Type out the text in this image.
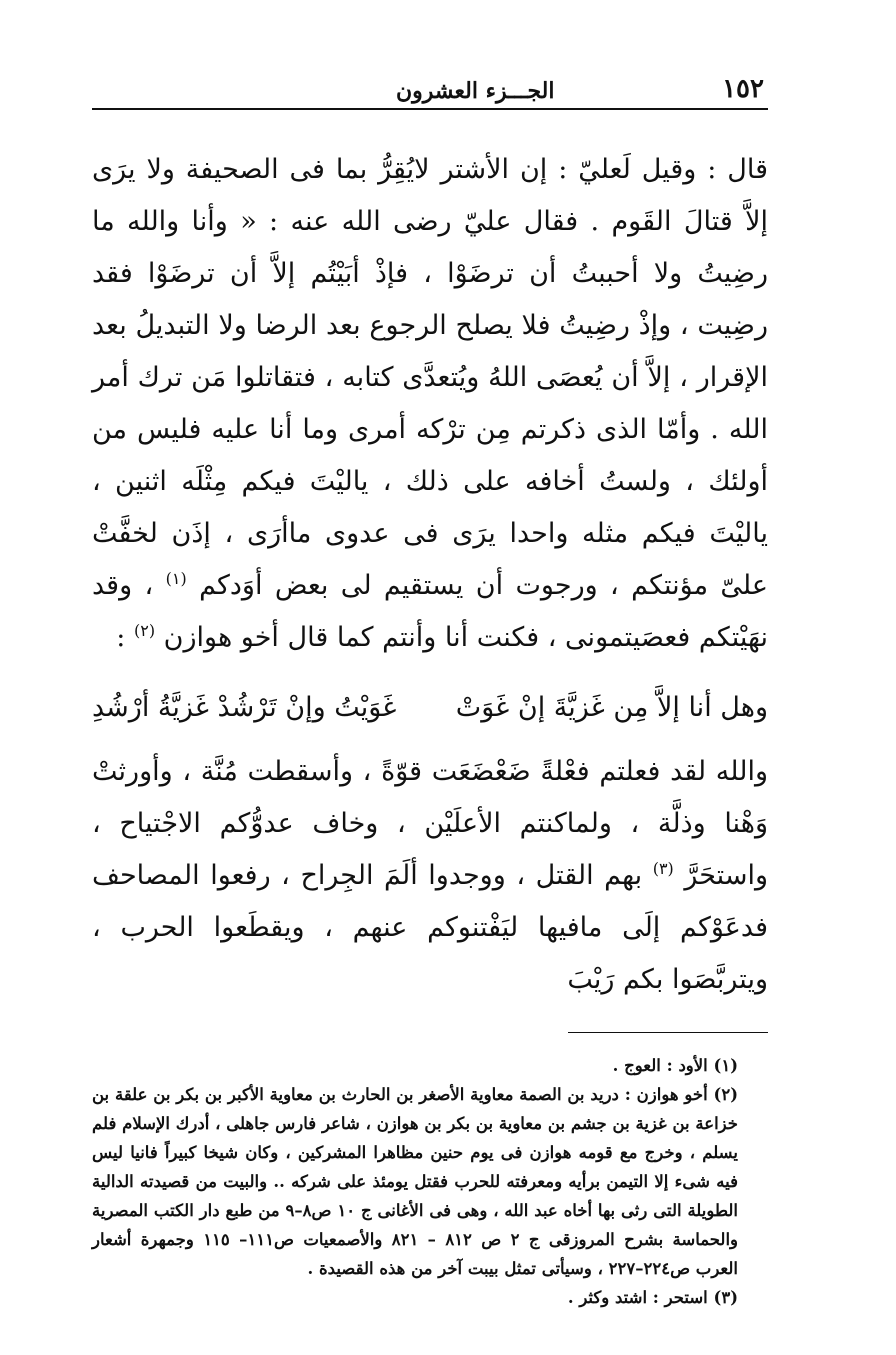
١٥٢
الجـــزء العشرون

قال : وقيل لَعليّ : إن الأشتر لايُقِرُّ بما فى الصحيفة ولا يرَى إلاَّ قتالَ القَوم . فقال عليّ رضى الله عنه : « وأنا والله ما رضِيتُ ولا أحببتُ أن ترضَوْا ، فإذْ أبَيْتُم إلاَّ أن ترضَوْا فقد رضِيت ، وإذْ رضِيتُ فلا يصلح الرجوع بعد الرضا ولا التبديلُ بعد الإقرار ، إلاَّ أن يُعصَى اللهُ ويُتعدَّى كتابه ، فتقاتلوا مَن ترك أمر الله . وأمّا الذى ذكرتم مِن ترْكه أمرى وما أنا عليه فليس من أولئك ، ولستُ أخافه على ذلك ، ياليْتَ فيكم مِثْلَه اثنين ، ياليْتَ فيكم مثله واحدا يرَى فى عدوى ماأرَى ، إذَن لخفَّتْ علىّ مؤنتكم ، ورجوت أن يستقيم لى بعض أوَدكم $^{(١)}$ ، وقد نهَيْتكم فعصَيتمونى ، فكنت أنا وأنتم كما قال أخو هوازن $^{(٢)}$ :

وهل أنا إلاَّ مِن غَزيَّةَ إنْ غَوَتْ
غَوَيْتُ وإنْ تَرْشُدْ غَزيَّةُ أرْشُدِ

والله لقد فعلتم فعْلةً ضَعْضَعَت قوّةً ، وأسقطت مُنَّة ، وأورثتْ وَهْنا وذلَّة ، ولماكنتم الأعلَيْن ، وخاف عدوُّكم الاجْتياح ، واستحَرَّ $^{(٣)}$ بهم القتل ، ووجدوا ألَمَ الجِراح ، رفعوا المصاحف فدعَوْكم إلَى مافيها ليَفْتنوكم عنهم ، ويقطَعوا الحرب ، ويتربَّصَوا بكم رَيْبَ

(١) الأود : العوج .

(٢) أخو هوازن : دريد بن الصمة معاوية الأصغر بن الحارث بن معاوية الأكبر بن بكر بن علقة بن خزاعة بن غزية بن جشم بن معاوية بن بكر بن هوازن ، شاعر فارس جاهلى ، أدرك الإسلام فلم يسلم ، وخرج مع قومه هوازن فى يوم حنين مظاهرا المشركين ، وكان شيخا كبيراً فانيا ليس فيه شىء إلا التيمن برأيه ومعرفته للحرب فقتل يومئذ على شركه .. والبيت من قصيدته الدالية الطويلة التى رثى بها أخاه عبد الله ، وهى فى الأغانى ج ١٠ ص٨–٩ من طبع دار الكتب المصرية والحماسة بشرح المروزقى ج ٢ ص ٨١٢ – ٨٢١ والأصمعيات ص١١١– ١١٥ وجمهرة أشعار العرب ص٢٢٤–٢٢٧ ، وسيأتى تمثل بيبت آخر من هذه القصيدة .

(٣) استحر : اشتد وكثر .
